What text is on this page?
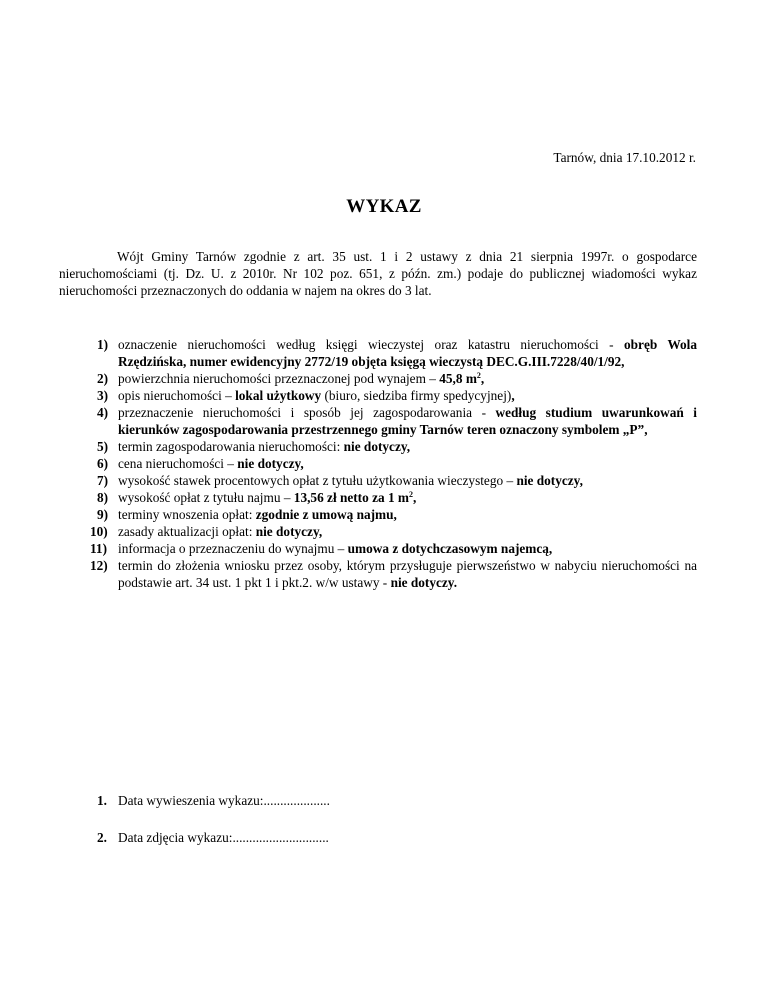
Tarnów, dnia 17.10.2012 r.
WYKAZ

Wójt Gminy Tarnów zgodnie z art. 35 ust. 1 i 2 ustawy z dnia 21 sierpnia 1997r. o gospodarce nieruchomościami (tj. Dz. U. z 2010r. Nr 102 poz. 651, z późn. zm.) podaje do publicznej wiadomości wykaz nieruchomości przeznaczonych do oddania w najem na okres do 3 lat.

1) oznaczenie nieruchomości według księgi wieczystej oraz katastru nieruchomości - obręb Wola Rzędzińska, numer ewidencyjny 2772/19 objęta księgą wieczystą DEC.G.III.7228/40/1/92,
2) powierzchnia nieruchomości przeznaczonej pod wynajem – 45,8 $m^2$,
3) opis nieruchomości – lokal użytkowy (biuro, siedziba firmy spedycyjnej),
4) przeznaczenie nieruchomości i sposób jej zagospodarowania - według studium uwarunkowań i kierunków zagospodarowania przestrzennego gminy Tarnów teren oznaczony symbolem „P”,
5) termin zagospodarowania nieruchomości: nie dotyczy,
6) cena nieruchomości – nie dotyczy,
7) wysokość stawek procentowych opłat z tytułu użytkowania wieczystego – nie dotyczy,
8) wysokość opłat z tytułu najmu – 13,56 zł netto za 1 $m^2$,
9) terminy wnoszenia opłat: zgodnie z umową najmu,
10) zasady aktualizacji opłat: nie dotyczy,
11) informacja o przeznaczeniu do wynajmu – umowa z dotychczasowym najemcą,
12) termin do złożenia wniosku przez osoby, którym przysługuje pierwszeństwo w nabyciu nieruchomości na podstawie art. 34 ust. 1 pkt 1 i pkt.2. w/w ustawy - nie dotyczy.
1. Data wywieszenia wykazu:....................
2. Data zdjęcia wykazu:.............................
